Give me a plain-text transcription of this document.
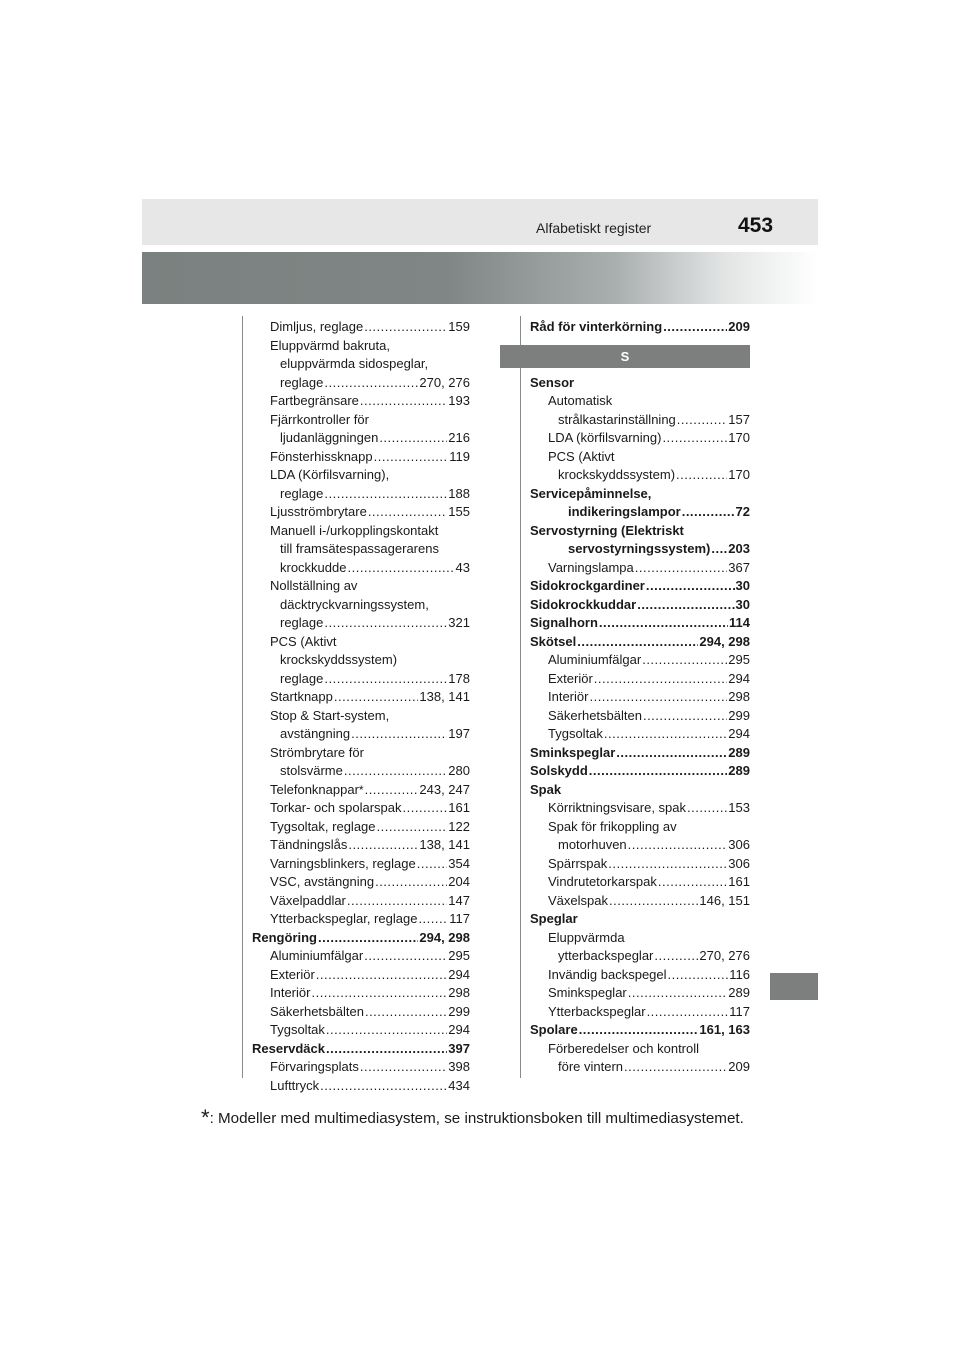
Alfabetiskt register	453
Dimljus, reglage .....	159
Eluppvärmd bakruta,
eluppvärmda sidospeglar,
reglage .....	270, 276
Fartbegränsare .....	193
Fjärrkontroller för
ljudanläggningen .....	216
Fönsterhissknapp .....	119
LDA (Körfilsvarning),
reglage .....	188
Ljusströmbrytare .....	155
Manuell i-/urkopplingskontakt
till framsätespassagerarens
krockkudde .....	43
Nollställning av
däcktryckvarningssystem,
reglage .....	321
PCS (Aktivt
krockskyddssystem)
reglage .....	178
Startknapp .....	138, 141
Stop & Start-system,
avstängning .....	197
Strömbrytare för
stolsvärme .....	280
Telefonknappar * .....	243, 247
Torkar- och spolarspak .....	161
Tygsoltak, reglage .....	122
Tändningslås .....	138, 141
Varningsblinkers, reglage .....	354
VSC, avstängning .....	204
Växelpaddlar .....	147
Ytterbackspeglar, reglage ..... 117
Rengöring .....	294, 298
Aluminiumfälgar .....	295
Exteriör .....	294
Interiör .....	298
Säkerhetsbälten .....	299
Tygsoltak .....	294
Reservdäck .....	397
Förvaringsplats .....	398
Lufttryck .....	434
Råd för vinterkörning .....	209
S
Sensor
Automatisk
strålkastarinställning .....	157
LDA (körfilsvarning) .....	170
PCS (Aktivt
krockskyddssystem) .....	170
Servicepåminnelse,
indikeringslampor .....	72
Servostyrning (Elektriskt
servostyrningssystem) ..... 203
Varningslampa .....	367
Sidokrockgardiner .....	30
Sidokrockkuddar .....	30
Signalhorn .....	114
Skötsel .....	294, 298
Aluminiumfälgar .....	295
Exteriör .....	294
Interiör .....	298
Säkerhetsbälten .....	299
Tygsoltak .....	294
Sminkspeglar .....	289
Solskydd .....	289
Spak
Körriktningsvisare, spak .....	153
Spak för frikoppling av
motorhuven .....	306
Spärrspak .....	306
Vindrutetorkarspak .....	161
Växelspak .....	146, 151
Speglar
Eluppvärmda
ytterbackspeglar .....	270, 276
Invändig backspegel .....	116
Sminkspeglar .....	289
Ytterbackspeglar .....	117
Spolare .....	161, 163
Förberedelser och kontroll
före vintern .....	209
*: Modeller med multimediasystem, se instruktionsboken till multimediasystemet.
